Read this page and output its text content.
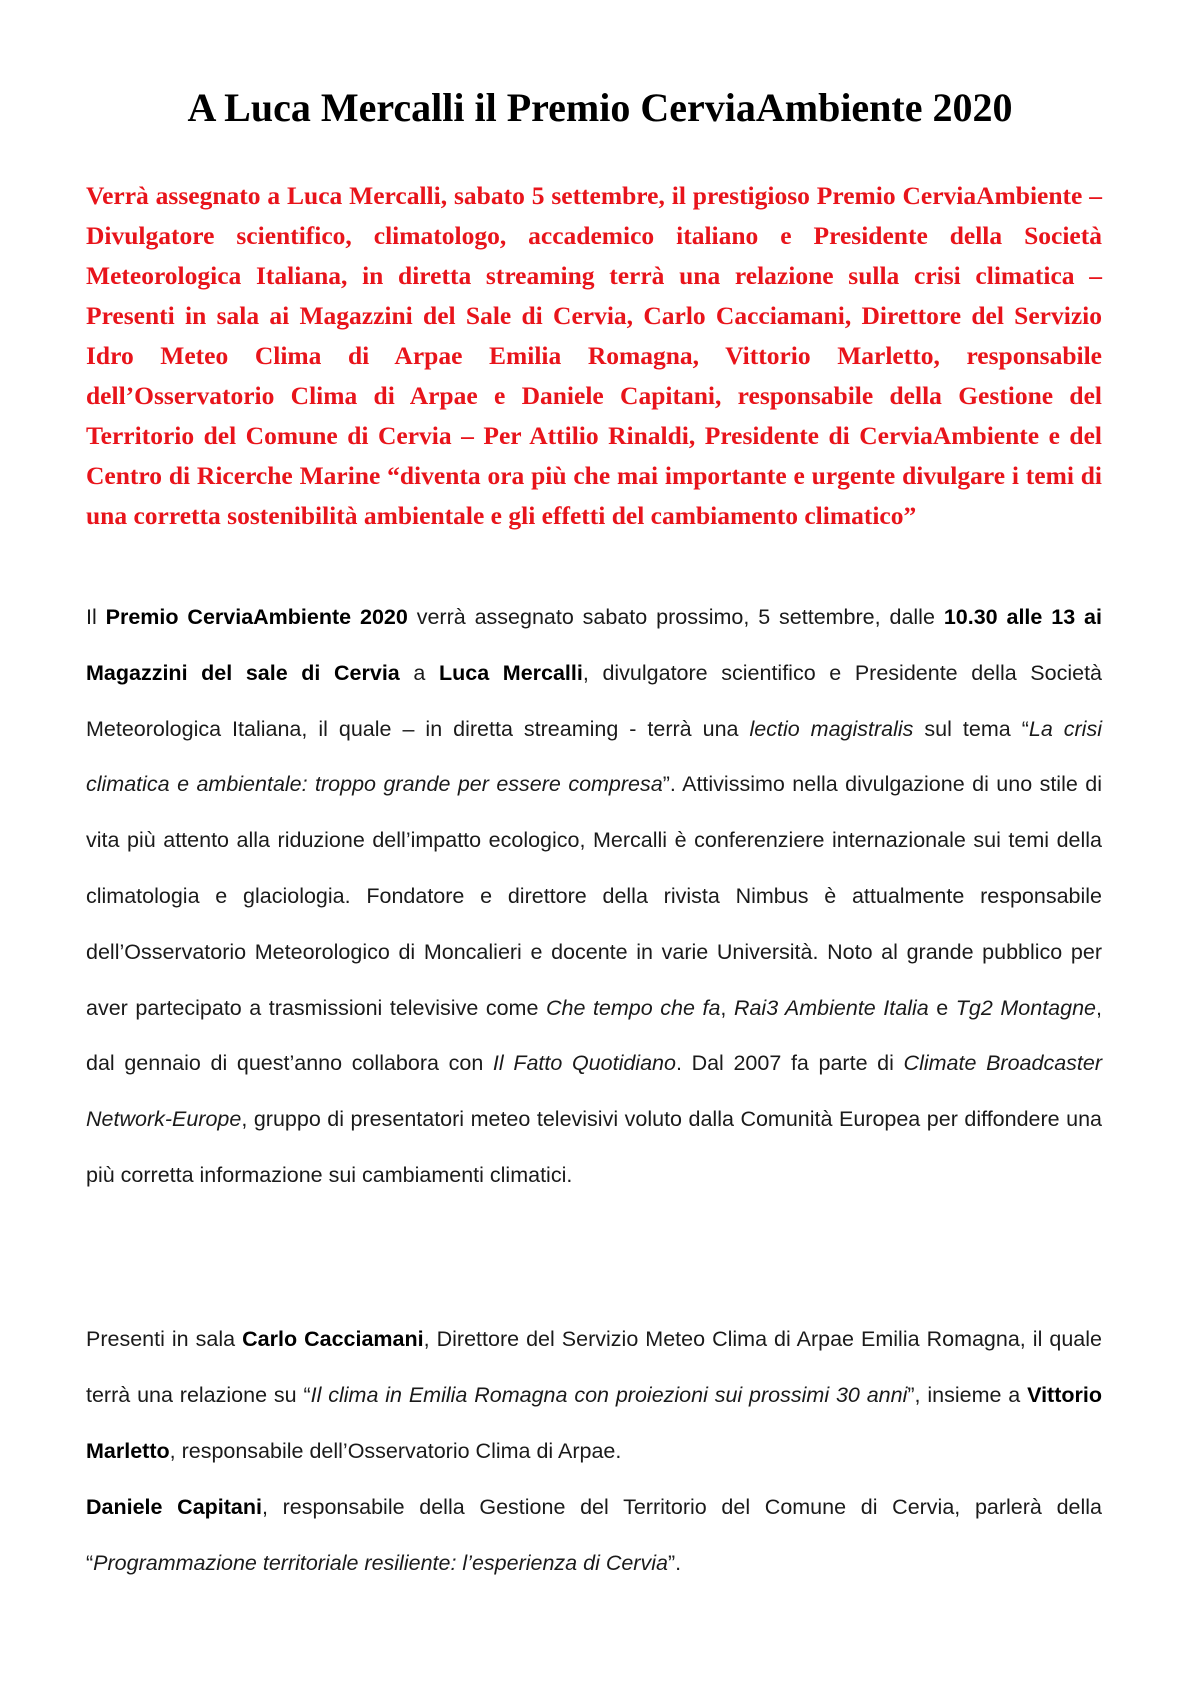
A Luca Mercalli il Premio CerviaAmbiente 2020

Verrà assegnato a Luca Mercalli, sabato 5 settembre, il prestigioso Premio CerviaAmbiente – Divulgatore scientifico, climatologo, accademico italiano e Presidente della Società Meteorologica Italiana, in diretta streaming terrà una relazione sulla crisi climatica – Presenti in sala ai Magazzini del Sale di Cervia, Carlo Cacciamani, Direttore del Servizio Idro Meteo Clima di Arpae Emilia Romagna, Vittorio Marletto, responsabile dell’Osservatorio Clima di Arpae e Daniele Capitani, responsabile della Gestione del Territorio del Comune di Cervia – Per Attilio Rinaldi, Presidente di CerviaAmbiente e del Centro di Ricerche Marine “diventa ora più che mai importante e urgente divulgare i temi di una corretta sostenibilità ambientale e gli effetti del cambiamento climatico”

Il Premio CerviaAmbiente 2020 verrà assegnato sabato prossimo, 5 settembre, dalle 10.30 alle 13 ai Magazzini del sale di Cervia a Luca Mercalli, divulgatore scientifico e Presidente della Società Meteorologica Italiana, il quale – in diretta streaming - terrà una lectio magistralis sul tema “La crisi climatica e ambientale: troppo grande per essere compresa”. Attivissimo nella divulgazione di uno stile di vita più attento alla riduzione dell’impatto ecologico, Mercalli è conferenziere internazionale sui temi della climatologia e glaciologia. Fondatore e direttore della rivista Nimbus è attualmente responsabile dell’Osservatorio Meteorologico di Moncalieri e docente in varie Università. Noto al grande pubblico per aver partecipato a trasmissioni televisive come Che tempo che fa, Rai3 Ambiente Italia e Tg2 Montagne, dal gennaio di quest’anno collabora con Il Fatto Quotidiano. Dal 2007 fa parte di Climate Broadcaster Network-Europe, gruppo di presentatori meteo televisivi voluto dalla Comunità Europea per diffondere una più corretta informazione sui cambiamenti climatici.

Presenti in sala Carlo Cacciamani, Direttore del Servizio Meteo Clima di Arpae Emilia Romagna, il quale terrà una relazione su “Il clima in Emilia Romagna con proiezioni sui prossimi 30 anni”, insieme a Vittorio Marletto, responsabile dell’Osservatorio Clima di Arpae.

Daniele Capitani, responsabile della Gestione del Territorio del Comune di Cervia, parlerà della “Programmazione territoriale resiliente: l’esperienza di Cervia”.
